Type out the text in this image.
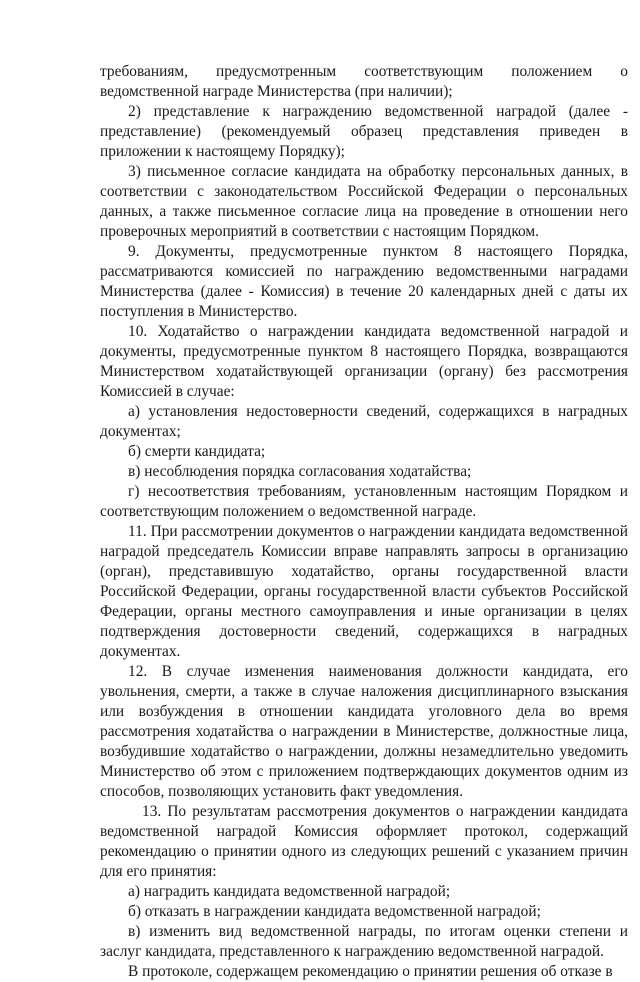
требованиям, предусмотренным соответствующим положением о ведомственной награде Министерства (при наличии);

2) представление к награждению ведомственной наградой (далее - представление) (рекомендуемый образец представления приведен в приложении к настоящему Порядку);

3) письменное согласие кандидата на обработку персональных данных, в соответствии с законодательством Российской Федерации о персональных данных, а также письменное согласие лица на проведение в отношении него проверочных мероприятий в соответствии с настоящим Порядком.

9. Документы, предусмотренные пунктом 8 настоящего Порядка, рассматриваются комиссией по награждению ведомственными наградами Министерства (далее - Комиссия) в течение 20 календарных дней с даты их поступления в Министерство.

10. Ходатайство о награждении кандидата ведомственной наградой и документы, предусмотренные пунктом 8 настоящего Порядка, возвращаются Министерством ходатайствующей организации (органу) без рассмотрения Комиссией в случае:

а) установления недостоверности сведений, содержащихся в наградных документах;

б) смерти кандидата;

в) несоблюдения порядка согласования ходатайства;

г) несоответствия требованиям, установленным настоящим Порядком и соответствующим положением о ведомственной награде.

11. При рассмотрении документов о награждении кандидата ведомственной наградой председатель Комиссии вправе направлять запросы в организацию (орган), представившую ходатайство, органы государственной власти Российской Федерации, органы государственной власти субъектов Российской Федерации, органы местного самоуправления и иные организации в целях подтверждения достоверности сведений, содержащихся в наградных документах.

12. В случае изменения наименования должности кандидата, его увольнения, смерти, а также в случае наложения дисциплинарного взыскания или возбуждения в отношении кандидата уголовного дела во время рассмотрения ходатайства о награждении в Министерстве, должностные лица, возбудившие ходатайство о награждении, должны незамедлительно уведомить Министерство об этом с приложением подтверждающих документов одним из способов, позволяющих установить факт уведомления.

13. По результатам рассмотрения документов о награждении кандидата ведомственной наградой Комиссия оформляет протокол, содержащий рекомендацию о принятии одного из следующих решений с указанием причин для его принятия:

а) наградить кандидата ведомственной наградой;

б) отказать в награждении кандидата ведомственной наградой;

в) изменить вид ведомственной награды, по итогам оценки степени и заслуг кандидата, представленного к награждению ведомственной наградой.

В протоколе, содержащем рекомендацию о принятии решения об отказе в
